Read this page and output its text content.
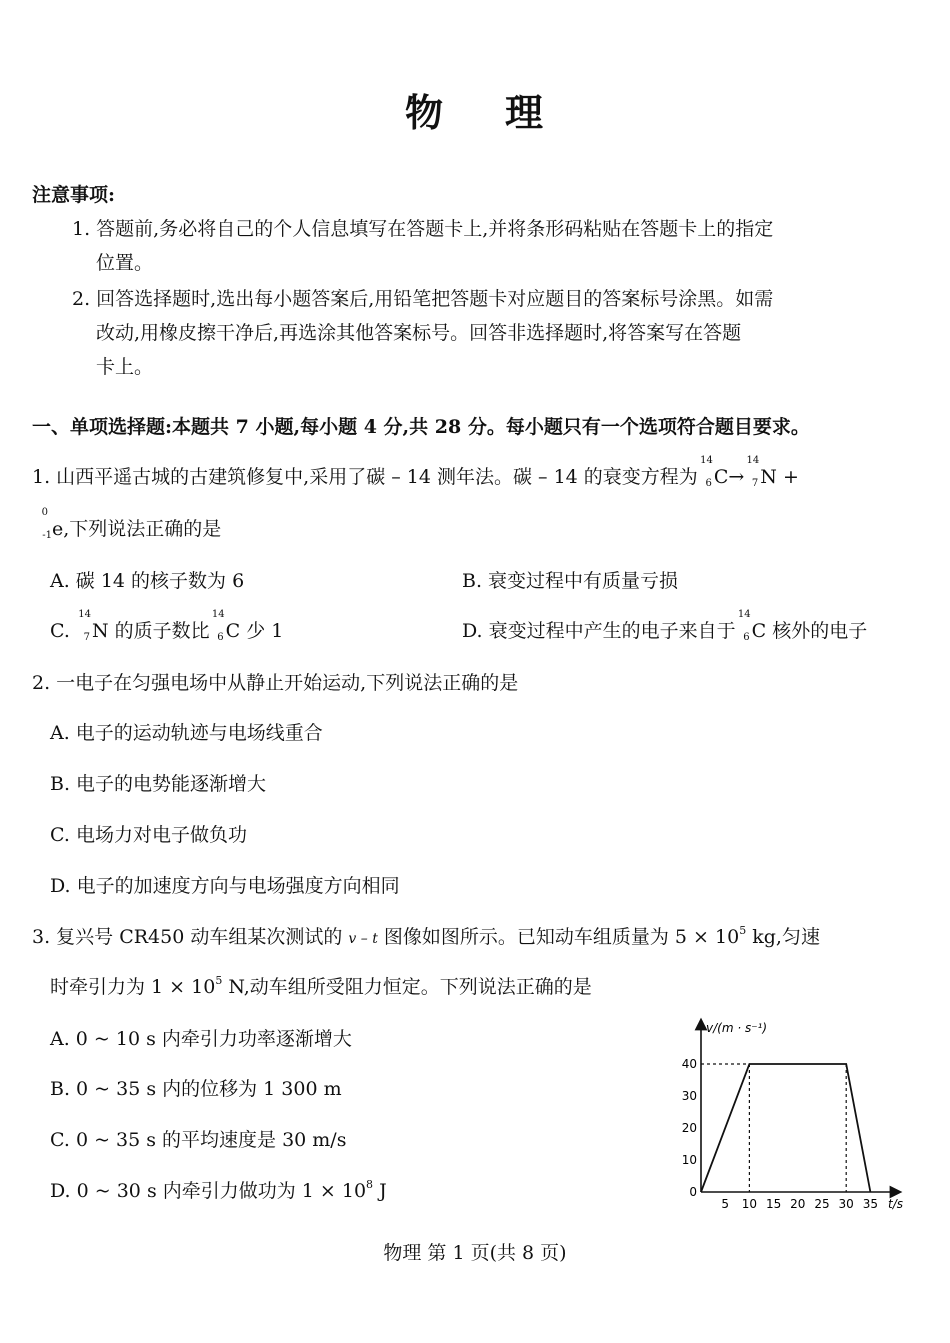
物 理
注意事项:
1. 答题前,务必将自己的个人信息填写在答题卡上,并将条形码粘贴在答题卡上的指定
位置。
2. 回答选择题时,选出每小题答案后,用铅笔把答题卡对应题目的答案标号涂黑。如需
改动,用橡皮擦干净后,再选涂其他答案标号。回答非选择题时,将答案写在答题
卡上。
一、单项选择题:本题共 7 小题,每小题 4 分,共 28 分。每小题只有一个选项符合题目要求。
1. 山西平遥古城的古建筑修复中,采用了碳 – 14 测年法。碳 – 14 的衰变方程为
14
6 C→
14
7 N +
0
-1 e,下列说法正确的是
A. 碳 14 的核子数为 6	B. 衰变过程中有质量亏损
C.
14
7 N 的质子数比
14
6 C 少 1	D. 衰变过程中产生的电子来自于
14
6 C 核外的电子
2. 一电子在匀强电场中从静止开始运动,下列说法正确的是
A. 电子的运动轨迹与电场线重合
B. 电子的电势能逐渐增大
C. 电场力对电子做负功
D. 电子的加速度方向与电场强度方向相同
3. 复兴号 CR450 动车组某次测试的 v – t 图像如图所示。已知动车组质量为 $5 \times 10^5$ kg,匀速
时牵引力为 $1 \times 10^5$ N,动车组所受阻力恒定。下列说法正确的是
A. 0 ~ 10 s 内牵引力功率逐渐增大
B. 0 ~ 35 s 内的位移为 1 300 m
C. 0 ~ 35 s 的平均速度是 30 m/s
D. 0 ~ 30 s 内牵引力做功为 $1 \times 10^8$ J
5 10 15 20 25 30 35
0
10
20
30
40
v/(m · s⁻¹)
t/s
物理 第 1 页(共 8 页)
